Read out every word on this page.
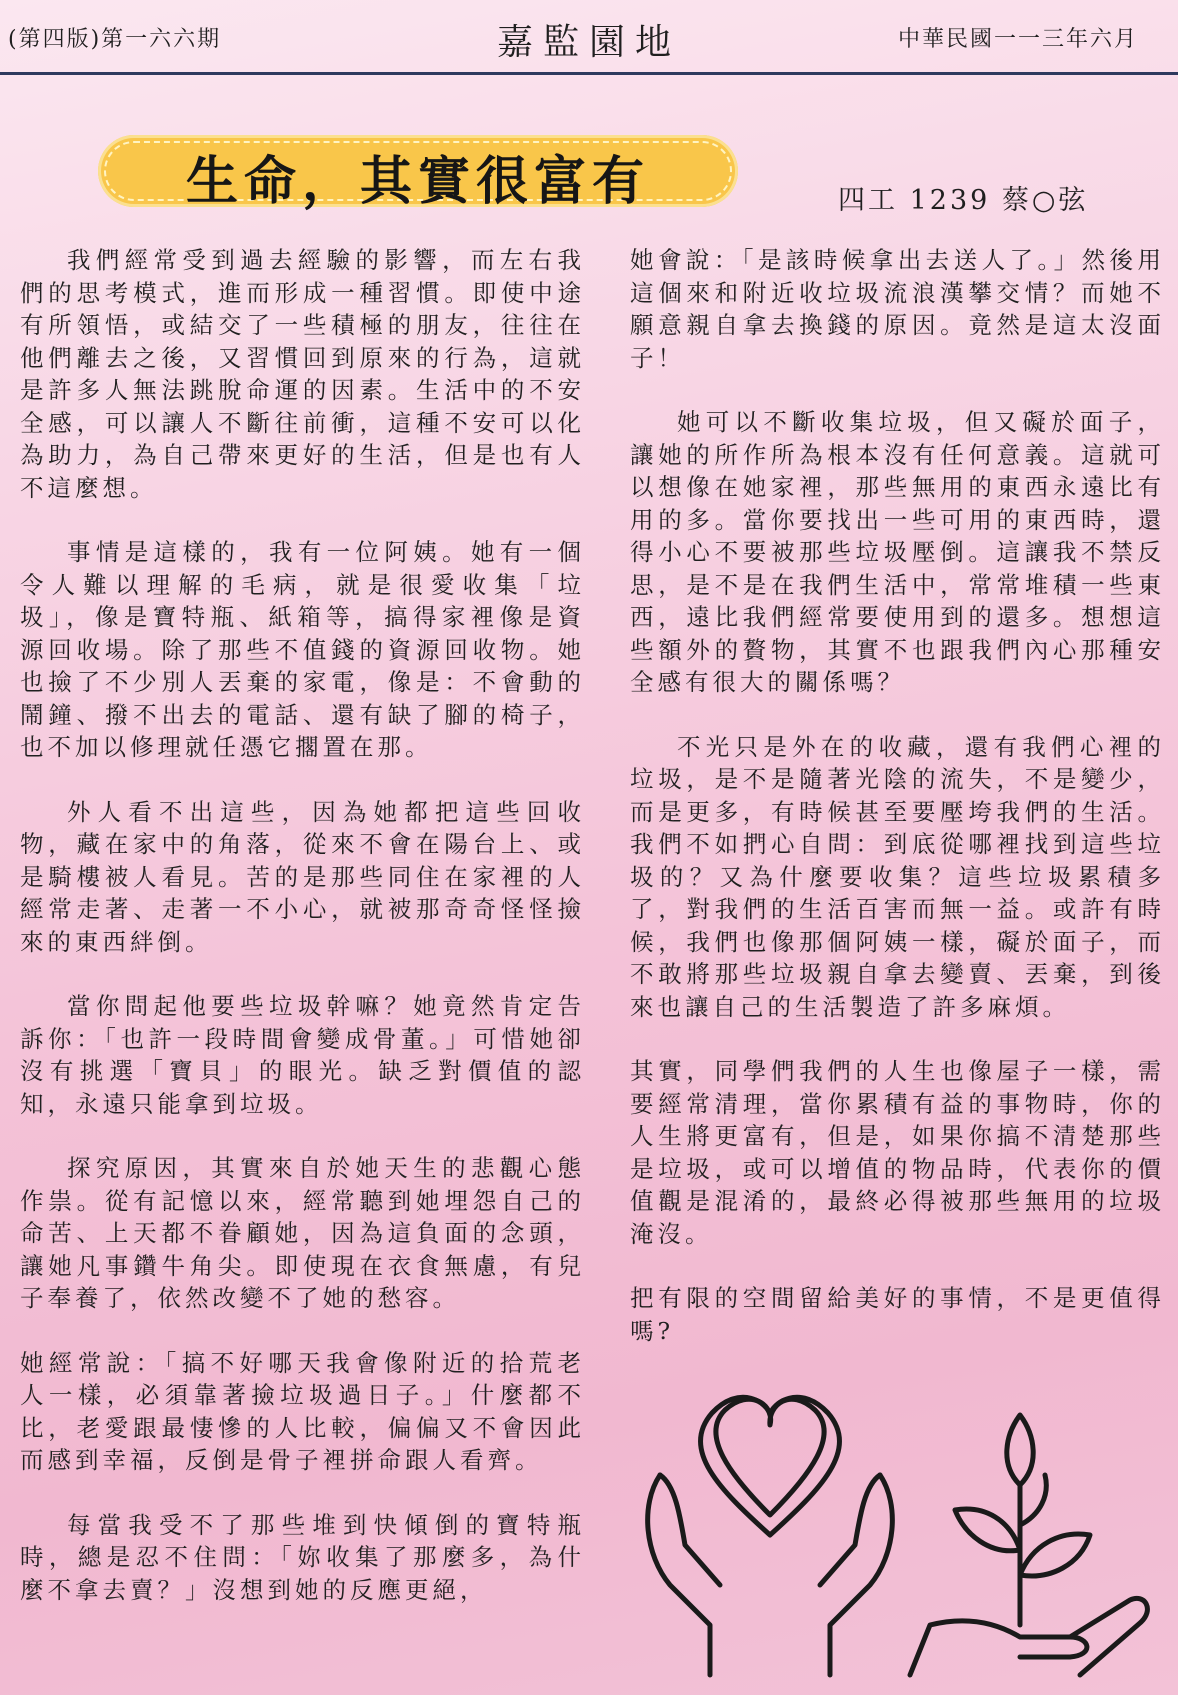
(第四版)第一六六期	嘉監園地	中華民國一一三年六月
生命，其實很富有	四工 1239 蔡○弦

我們經常受到過去經驗的影響，而左右我們的思考模式，進而形成一種習慣。即使中途有所領悟，或結交了一些積極的朋友，往往在他們離去之後，又習慣回到原來的行為，這就是許多人無法跳脫命運的因素。生活中的不安全感，可以讓人不斷往前衝，這種不安可以化為助力，為自己帶來更好的生活，但是也有人不這麼想。

事情是這樣的，我有一位阿姨。她有一個令人難以理解的毛病，就是很愛收集「垃圾」，像是寶特瓶、紙箱等，搞得家裡像是資源回收場。除了那些不值錢的資源回收物。她也撿了不少別人丟棄的家電，像是：不會動的鬧鐘、撥不出去的電話、還有缺了腳的椅子，也不加以修理就任憑它擱置在那。

外人看不出這些，因為她都把這些回收物，藏在家中的角落，從來不會在陽台上、或是騎樓被人看見。苦的是那些同住在家裡的人經常走著、走著一不小心，就被那奇奇怪怪撿來的東西絆倒。

當你問起他要些垃圾幹嘛？她竟然肯定告訴你：「也許一段時間會變成骨董。」可惜她卻沒有挑選「寶貝」的眼光。缺乏對價值的認知，永遠只能拿到垃圾。

探究原因，其實來自於她天生的悲觀心態作祟。從有記憶以來，經常聽到她埋怨自己的命苦、上天都不眷顧她，因為這負面的念頭，讓她凡事鑽牛角尖。即使現在衣食無慮，有兒子奉養了，依然改變不了她的愁容。

她經常說：「搞不好哪天我會像附近的拾荒老人一樣，必須靠著撿垃圾過日子。」什麼都不比，老愛跟最悽慘的人比較，偏偏又不會因此而感到幸福，反倒是骨子裡拼命跟人看齊。

每當我受不了那些堆到快傾倒的寶特瓶時，總是忍不住問：「妳收集了那麼多，為什麼不拿去賣？」沒想到她的反應更絕，

她會說：「是該時候拿出去送人了。」然後用這個來和附近收垃圾流浪漢攀交情？而她不願意親自拿去換錢的原因。竟然是這太沒面子！

她可以不斷收集垃圾，但又礙於面子，讓她的所作所為根本沒有任何意義。這就可以想像在她家裡，那些無用的東西永遠比有用的多。當你要找出一些可用的東西時，還得小心不要被那些垃圾壓倒。這讓我不禁反思，是不是在我們生活中，常常堆積一些東西，遠比我們經常要使用到的還多。想想這些額外的贅物，其實不也跟我們內心那種安全感有很大的關係嗎？

不光只是外在的收藏，還有我們心裡的垃圾，是不是隨著光陰的流失，不是變少，而是更多，有時候甚至要壓垮我們的生活。我們不如捫心自問：到底從哪裡找到這些垃圾的？又為什麼要收集？這些垃圾累積多了，對我們的生活百害而無一益。或許有時候，我們也像那個阿姨一樣，礙於面子，而不敢將那些垃圾親自拿去變賣、丟棄，到後來也讓自己的生活製造了許多麻煩。

其實，同學們我們的人生也像屋子一樣，需要經常清理，當你累積有益的事物時，你的人生將更富有，但是，如果你搞不清楚那些是垃圾，或可以增值的物品時，代表你的價值觀是混淆的，最終必得被那些無用的垃圾淹沒。

把有限的空間留給美好的事情，不是更值得嗎?
